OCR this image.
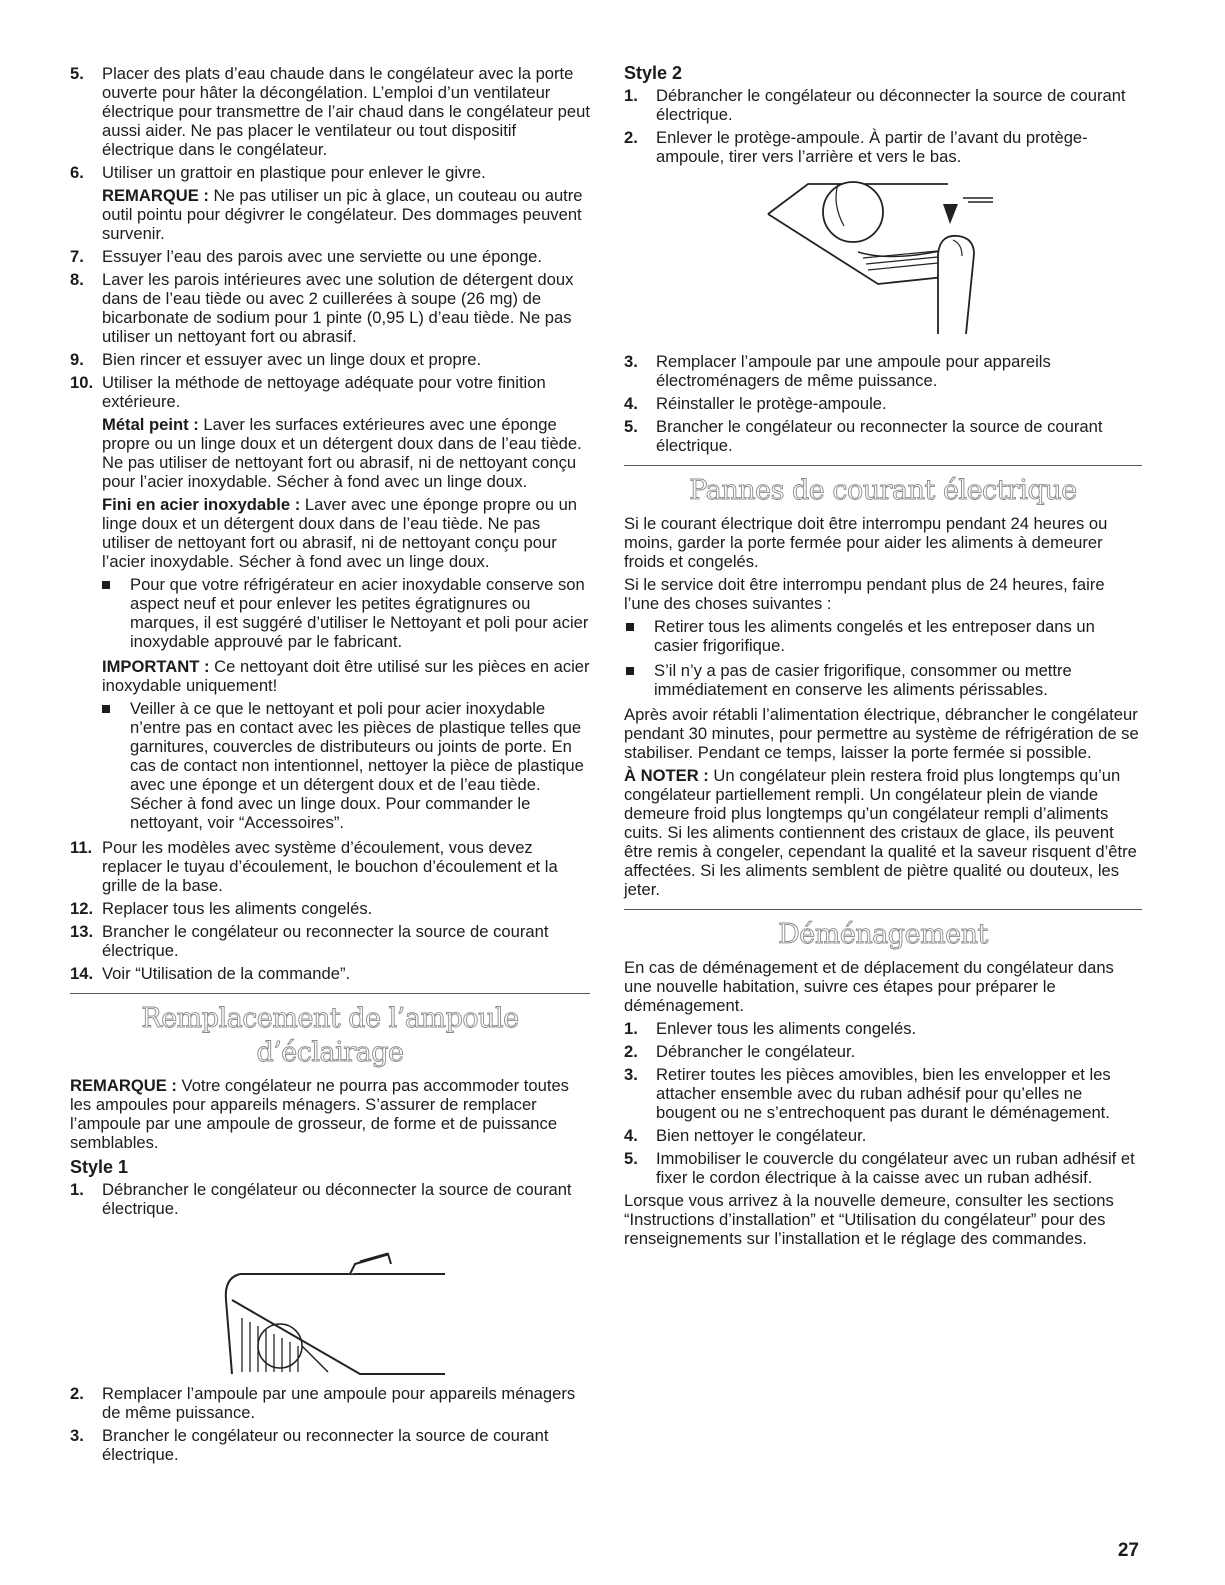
5. Placer des plats d’eau chaude dans le congélateur avec la porte ouverte pour hâter la décongélation. L’emploi d’un ventilateur électrique pour transmettre de l’air chaud dans le congélateur peut aussi aider. Ne pas placer le ventilateur ou tout dispositif électrique dans le congélateur.
6. Utiliser un grattoir en plastique pour enlever le givre.
REMARQUE : Ne pas utiliser un pic à glace, un couteau ou autre outil pointu pour dégivrer le congélateur. Des dommages peuvent survenir.
7. Essuyer l’eau des parois avec une serviette ou une éponge.
8. Laver les parois intérieures avec une solution de détergent doux dans de l’eau tiède ou avec 2 cuillerées à soupe (26 mg) de bicarbonate de sodium pour 1 pinte (0,95 L) d’eau tiède. Ne pas utiliser un nettoyant fort ou abrasif.
9. Bien rincer et essuyer avec un linge doux et propre.
10. Utiliser la méthode de nettoyage adéquate pour votre finition extérieure.
Métal peint : Laver les surfaces extérieures avec une éponge propre ou un linge doux et un détergent doux dans de l’eau tiède. Ne pas utiliser de nettoyant fort ou abrasif, ni de nettoyant conçu pour l’acier inoxydable. Sécher à fond avec un linge doux.
Fini en acier inoxydable : Laver avec une éponge propre ou un linge doux et un détergent doux dans de l’eau tiède. Ne pas utiliser de nettoyant fort ou abrasif, ni de nettoyant conçu pour l’acier inoxydable. Sécher à fond avec un linge doux.
Pour que votre réfrigérateur en acier inoxydable conserve son aspect neuf et pour enlever les petites égratignures ou marques, il est suggéré d’utiliser le Nettoyant et poli pour acier inoxydable approuvé par le fabricant.
IMPORTANT : Ce nettoyant doit être utilisé sur les pièces en acier inoxydable uniquement!
Veiller à ce que le nettoyant et poli pour acier inoxydable n’entre pas en contact avec les pièces de plastique telles que garnitures, couvercles de distributeurs ou joints de porte. En cas de contact non intentionnel, nettoyer la pièce de plastique avec une éponge et un détergent doux et de l’eau tiède. Sécher à fond avec un linge doux. Pour commander le nettoyant, voir “Accessoires”.
11. Pour les modèles avec système d’écoulement, vous devez replacer le tuyau d’écoulement, le bouchon d’écoulement et la grille de la base.
12. Replacer tous les aliments congelés.
13. Brancher le congélateur ou reconnecter la source de courant électrique.
14. Voir “Utilisation de la commande”.
Remplacement de l’ampoule d’éclairage
REMARQUE : Votre congélateur ne pourra pas accommoder toutes les ampoules pour appareils ménagers. S’assurer de remplacer l’ampoule par une ampoule de grosseur, de forme et de puissance semblables.
Style 1
1. Débrancher le congélateur ou déconnecter la source de courant électrique.
2. Remplacer l’ampoule par une ampoule pour appareils ménagers de même puissance.
3. Brancher le congélateur ou reconnecter la source de courant électrique.
Style 2
1. Débrancher le congélateur ou déconnecter la source de courant électrique.
2. Enlever le protège-ampoule. À partir de l’avant du protège-ampoule, tirer vers l’arrière et vers le bas.
3. Remplacer l’ampoule par une ampoule pour appareils électroménagers de même puissance.
4. Réinstaller le protège-ampoule.
5. Brancher le congélateur ou reconnecter la source de courant électrique.
Pannes de courant électrique
Si le courant électrique doit être interrompu pendant 24 heures ou moins, garder la porte fermée pour aider les aliments à demeurer froids et congelés.
Si le service doit être interrompu pendant plus de 24 heures, faire l’une des choses suivantes :
Retirer tous les aliments congelés et les entreposer dans un casier frigorifique.
S’il n’y a pas de casier frigorifique, consommer ou mettre immédiatement en conserve les aliments périssables.
Après avoir rétabli l’alimentation électrique, débrancher le congélateur pendant 30 minutes, pour permettre au système de réfrigération de se stabiliser. Pendant ce temps, laisser la porte fermée si possible.
À NOTER : Un congélateur plein restera froid plus longtemps qu’un congélateur partiellement rempli. Un congélateur plein de viande demeure froid plus longtemps qu’un congélateur rempli d’aliments cuits. Si les aliments contiennent des cristaux de glace, ils peuvent être remis à congeler, cependant la qualité et la saveur risquent d’être affectées. Si les aliments semblent de piètre qualité ou douteux, les jeter.
Déménagement
En cas de déménagement et de déplacement du congélateur dans une nouvelle habitation, suivre ces étapes pour préparer le déménagement.
1. Enlever tous les aliments congelés.
2. Débrancher le congélateur.
3. Retirer toutes les pièces amovibles, bien les envelopper et les attacher ensemble avec du ruban adhésif pour qu’elles ne bougent ou ne s’entrechoquent pas durant le déménagement.
4. Bien nettoyer le congélateur.
5. Immobiliser le couvercle du congélateur avec un ruban adhésif et fixer le cordon électrique à la caisse avec un ruban adhésif.
Lorsque vous arrivez à la nouvelle demeure, consulter les sections “Instructions d’installation” et “Utilisation du congélateur” pour des renseignements sur l’installation et le réglage des commandes.
27
